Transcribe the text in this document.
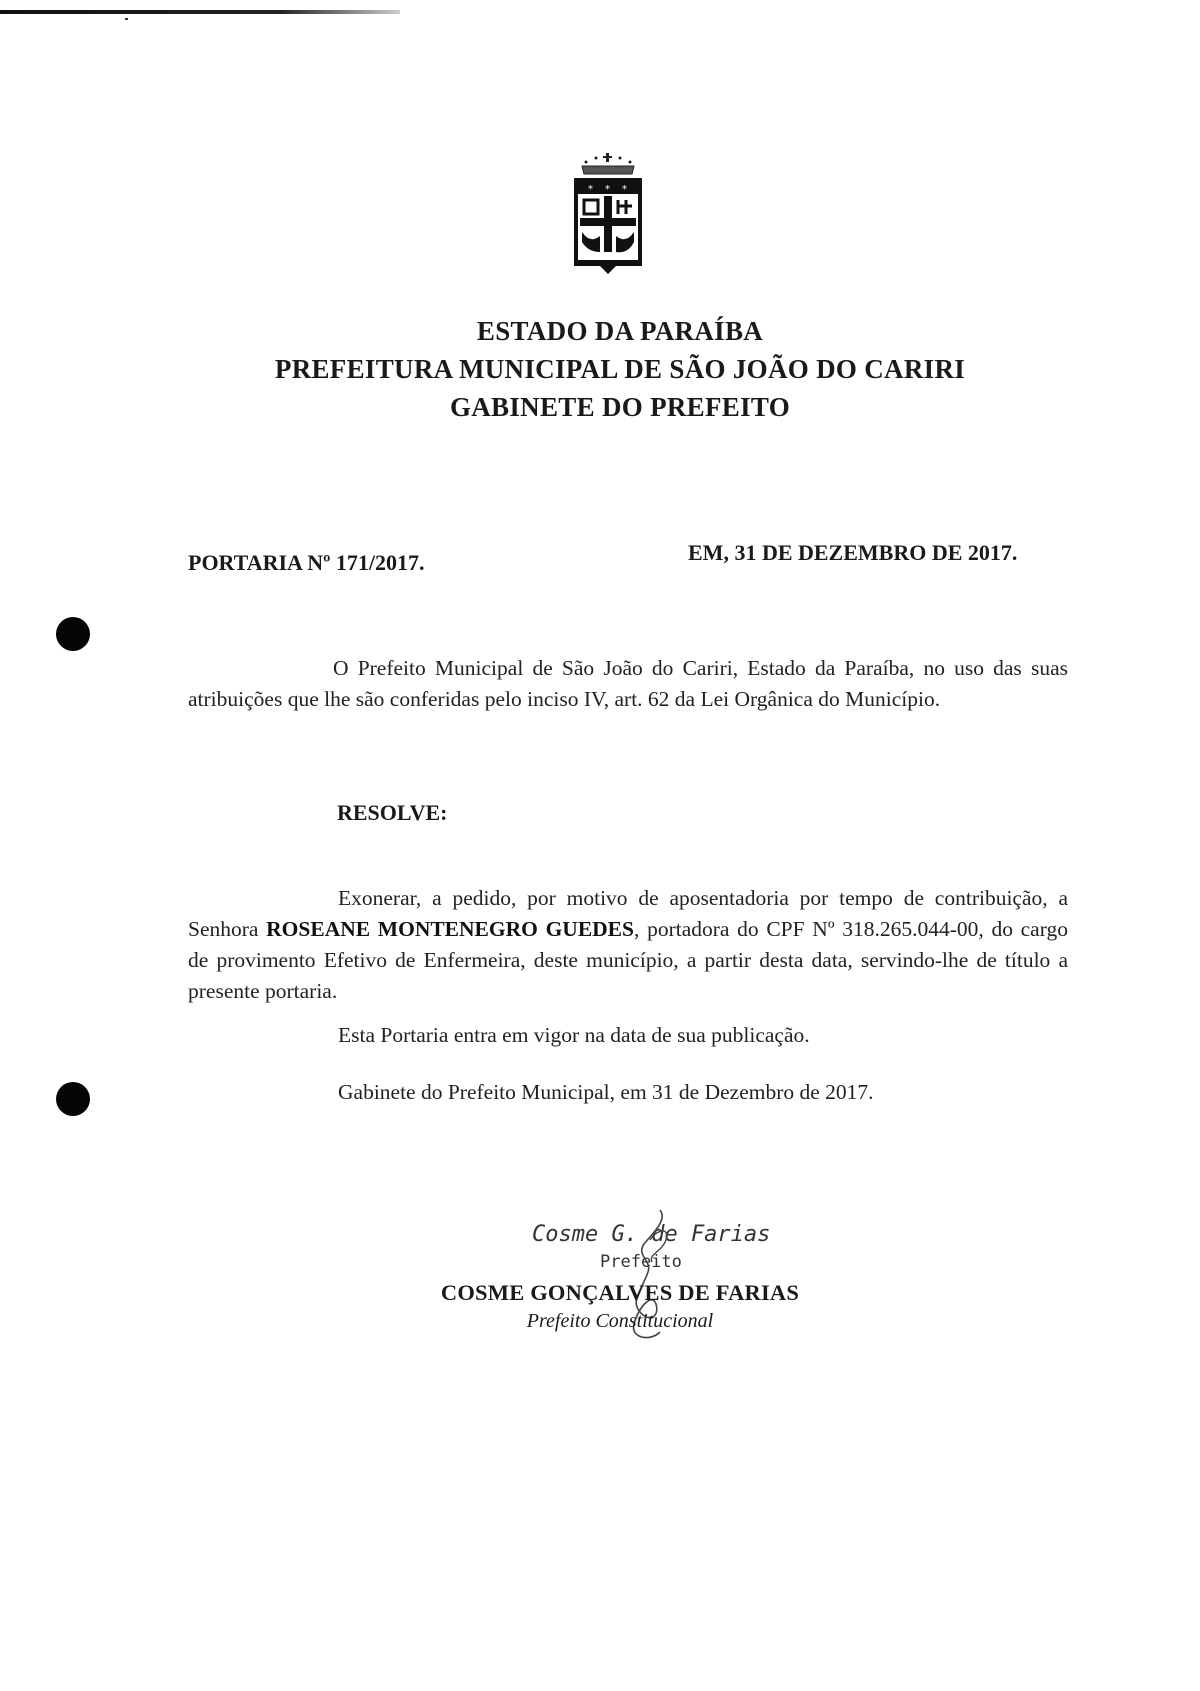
* * *
ESTADO DA PARAÍBA
PREFEITURA MUNICIPAL DE SÃO JOÃO DO CARIRI
GABINETE DO PREFEITO
PORTARIA Nº 171/2017.	EM, 31 DE DEZEMBRO DE 2017.
O Prefeito Municipal de São João do Cariri, Estado da Paraíba, no uso das suas atribuições que lhe são conferidas pelo inciso IV, art. 62 da Lei Orgânica do Município.
RESOLVE:
Exonerar, a pedido, por motivo de aposentadoria por tempo de contribuição, a Senhora ROSEANE MONTENEGRO GUEDES, portadora do CPF Nº 318.265.044-00, do cargo de provimento Efetivo de Enfermeira, deste município, a partir desta data, servindo-lhe de título a presente portaria.
Esta Portaria entra em vigor na data de sua publicação.
Gabinete do Prefeito Municipal, em 31 de Dezembro de 2017.
Cosme G. de Farias
Prefeito
COSME GONÇALVES DE FARIAS
Prefeito Constitucional
